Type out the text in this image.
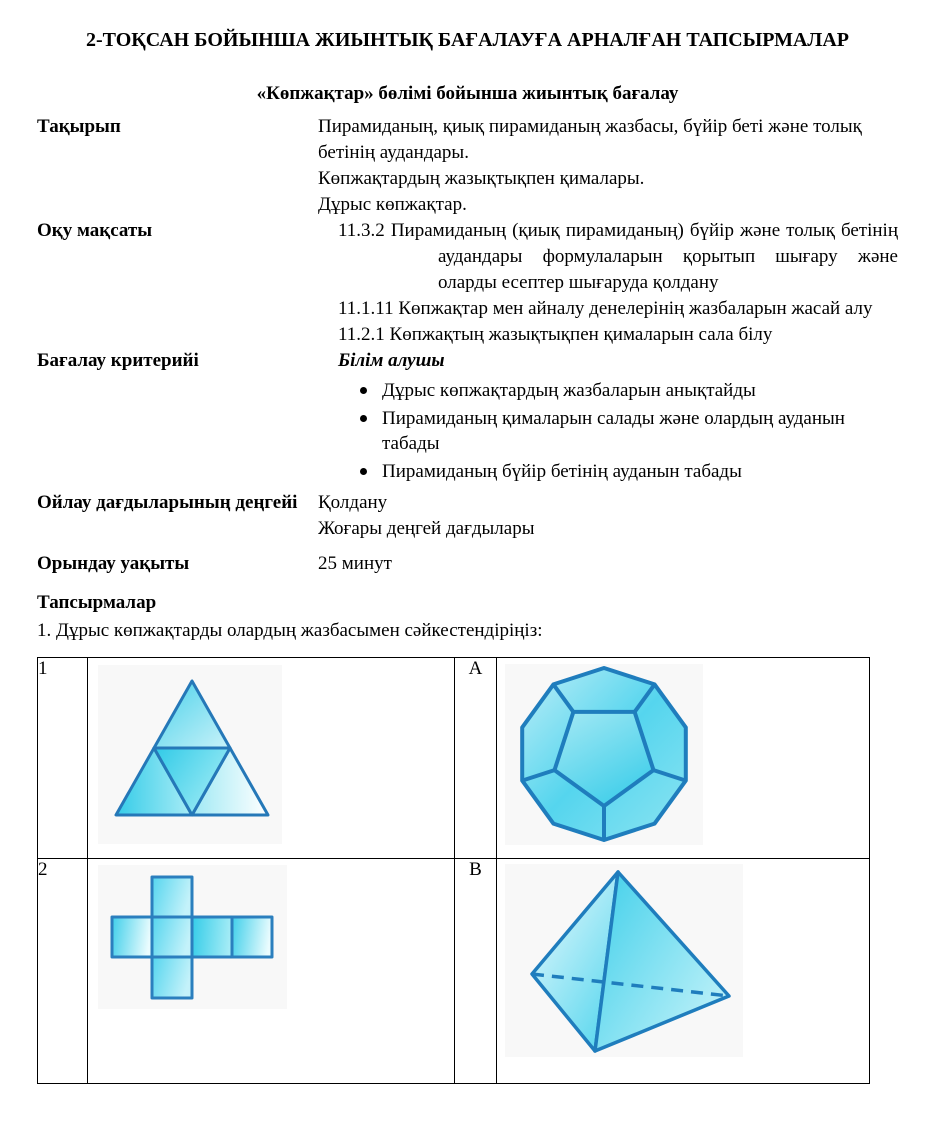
2-ТОҚСАН БОЙЫНША ЖИЫНТЫҚ БАҒАЛАУҒА АРНАЛҒАН ТАПСЫРМАЛАР
«Көпжақтар» бөлімі бойынша жиынтық бағалау
Тақырып	Пирамиданың, қиық пирамиданың жазбасы, бүйір беті және толық бетінің аудандары.

Көпжақтардың жазықтықпен қималары.

Дұрыс көпжақтар.

Оқу мақсаты	11.3.2 Пирамиданың (қиық пирамиданың) бүйір және толық бетінің аудандары формулаларын қорытып шығару және оларды есептер шығаруда қолдану

11.1.11 Көпжақтар мен айналу денелерінің жазбаларын жасай алу

11.2.1 Көпжақтың жазықтықпен қималарын сала білу

Бағалау критерийі	Білім алушы
Дұрыс көпжақтардың жазбаларын анықтайды
Пирамиданың қималарын салады және олардың ауданын табады
Пирамиданың бүйір бетінің ауданын табады
Ойлау дағдыларының деңгейі	Қолдану
Жоғары деңгей дағдылары
Орындау уақыты	25 минут
Тапсырмалар

1. Дұрыс көпжақтарды олардың жазбасымен сәйкестендіріңіз:

1		A	

2		B	
